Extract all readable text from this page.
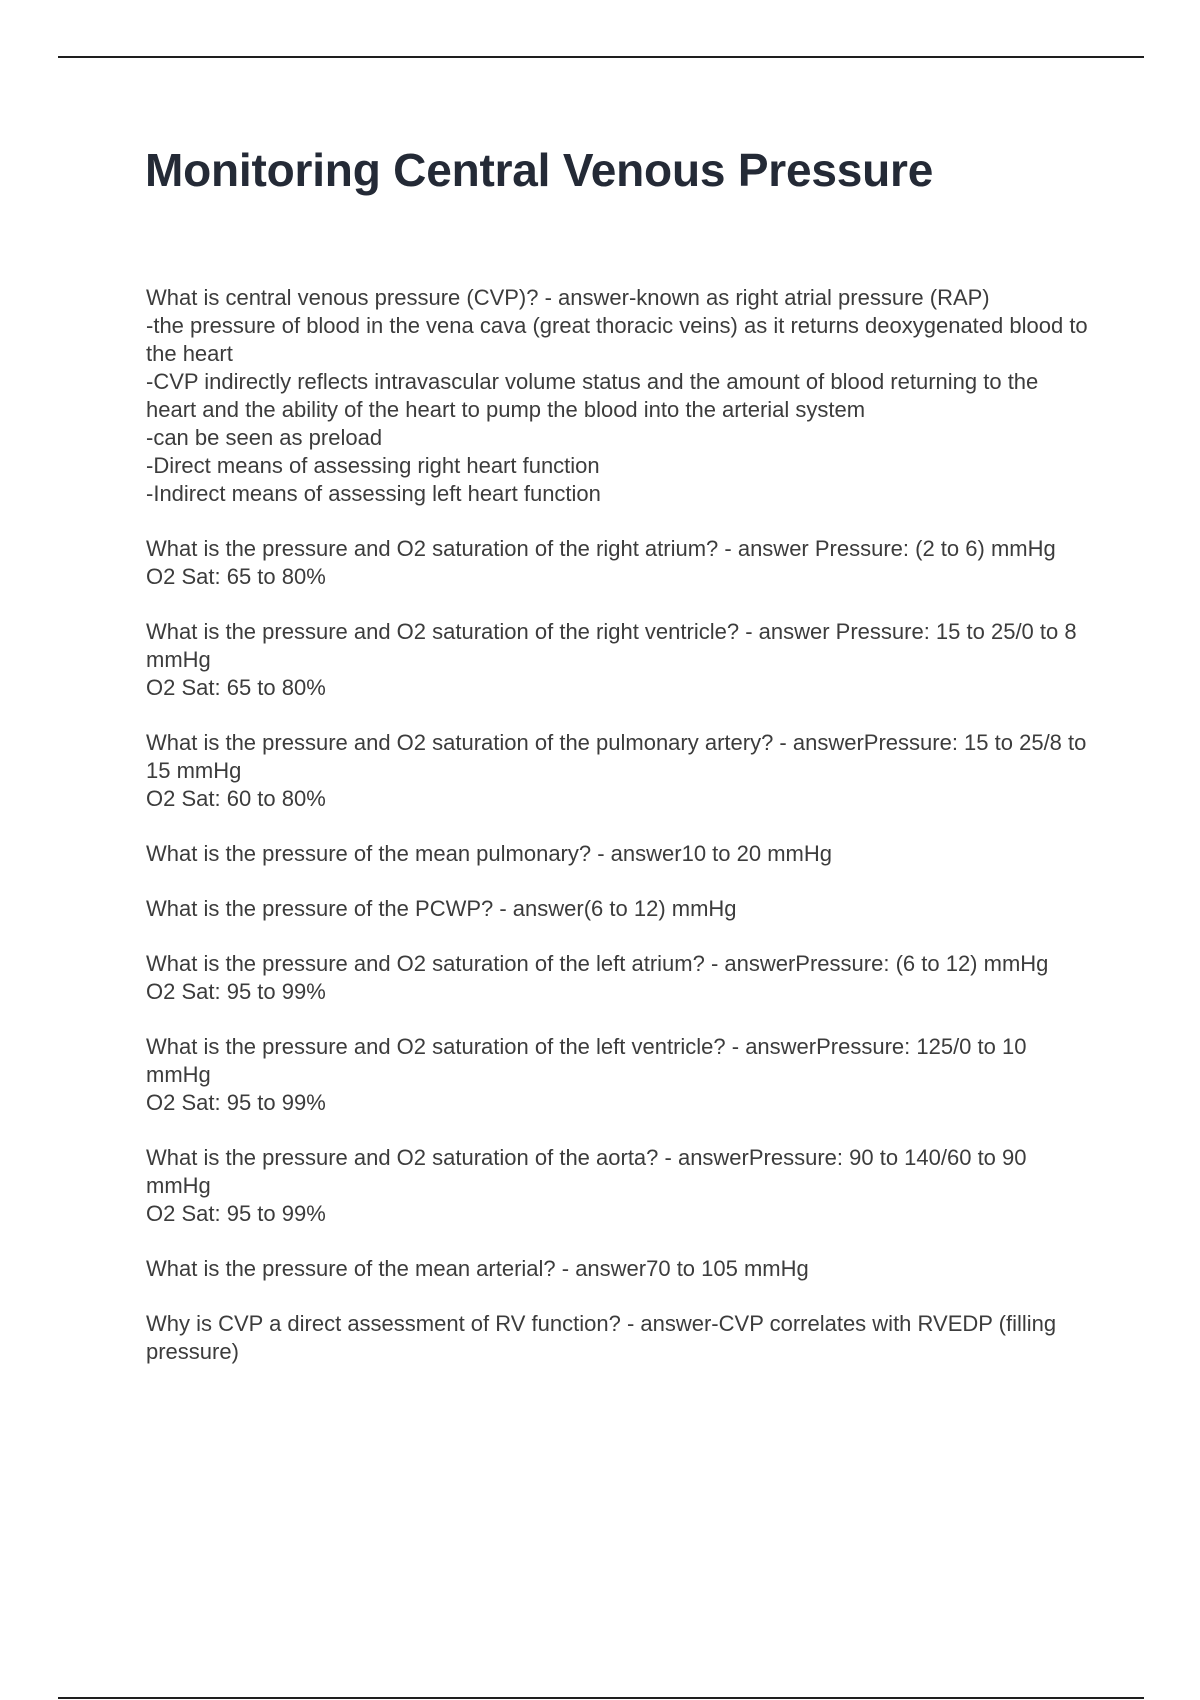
Monitoring Central Venous Pressure
What is central venous pressure (CVP)? - answer-known as right atrial pressure (RAP)
-the pressure of blood in the vena cava (great thoracic veins) as it returns deoxygenated blood to the heart
-CVP indirectly reflects intravascular volume status and the amount of blood returning to the heart and the ability of the heart to pump the blood into the arterial system
-can be seen as preload
-Direct means of assessing right heart function
-Indirect means of assessing left heart function
What is the pressure and O2 saturation of the right atrium? - answer Pressure: (2 to 6) mmHg
O2 Sat: 65 to 80%
What is the pressure and O2 saturation of the right ventricle? - answer Pressure: 15 to 25/0 to 8 mmHg
O2 Sat: 65 to 80%
What is the pressure and O2 saturation of the pulmonary artery? - answerPressure: 15 to 25/8 to 15 mmHg
O2 Sat: 60 to 80%
What is the pressure of the mean pulmonary? - answer10 to 20 mmHg
What is the pressure of the PCWP? - answer(6 to 12) mmHg
What is the pressure and O2 saturation of the left atrium? - answerPressure: (6 to 12) mmHg
O2 Sat: 95 to 99%
What is the pressure and O2 saturation of the left ventricle? - answerPressure: 125/0 to 10 mmHg
O2 Sat: 95 to 99%
What is the pressure and O2 saturation of the aorta? - answerPressure: 90 to 140/60 to 90 mmHg
O2 Sat: 95 to 99%
What is the pressure of the mean arterial? - answer70 to 105 mmHg
Why is CVP a direct assessment of RV function? - answer-CVP correlates with RVEDP (filling pressure)
